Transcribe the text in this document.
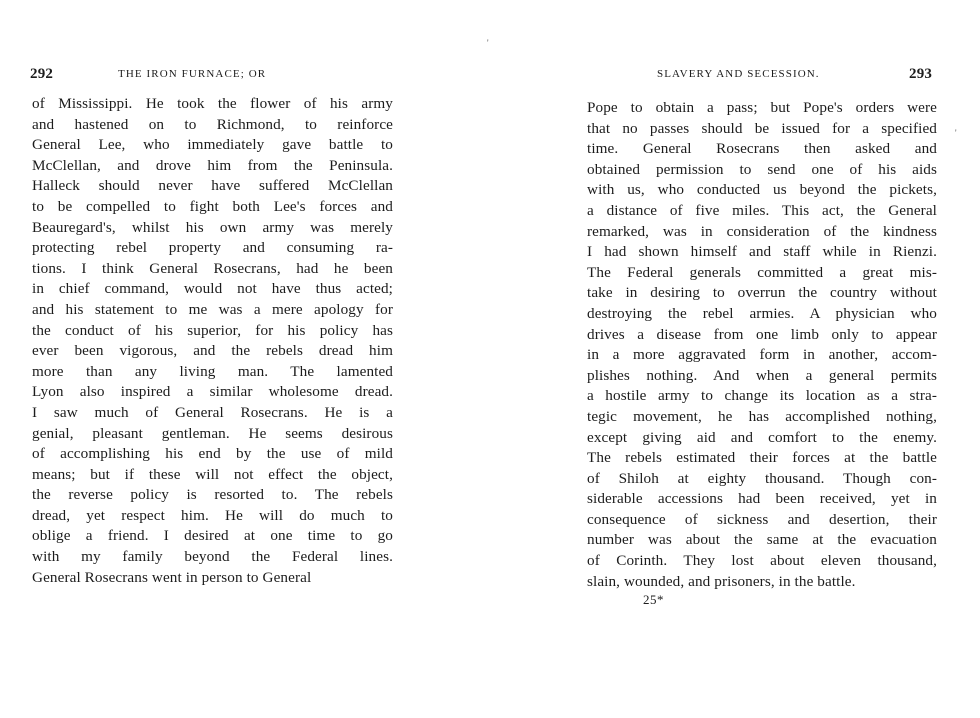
292	THE IRON FURNACE; OR
of Mississippi. He took the flower of his army
and hastened on to Richmond, to reinforce
General Lee, who immediately gave battle to
McClellan, and drove him from the Peninsula.
Halleck should never have suffered McClellan
to be compelled to fight both Lee's forces and
Beauregard's, whilst his own army was merely
protecting rebel property and consuming ra-
tions. I think General Rosecrans, had he been
in chief command, would not have thus acted;
and his statement to me was a mere apology for
the conduct of his superior, for his policy has
ever been vigorous, and the rebels dread him
more than any living man. The lamented
Lyon also inspired a similar wholesome dread.
I saw much of General Rosecrans. He is a
genial, pleasant gentleman. He seems desirous
of accomplishing his end by the use of mild
means; but if these will not effect the object,
the reverse policy is resorted to. The rebels
dread, yet respect him. He will do much to
oblige a friend. I desired at one time to go
with my family beyond the Federal lines.
General Rosecrans went in person to General
SLAVERY AND SECESSION.	293
Pope to obtain a pass; but Pope's orders were
that no passes should be issued for a specified
time. General Rosecrans then asked and
obtained permission to send one of his aids
with us, who conducted us beyond the pickets,
a distance of five miles. This act, the General
remarked, was in consideration of the kindness
I had shown himself and staff while in Rienzi.
The Federal generals committed a great mis-
take in desiring to overrun the country without
destroying the rebel armies. A physician who
drives a disease from one limb only to appear
in a more aggravated form in another, accom-
plishes nothing. And when a general permits
a hostile army to change its location as a stra-
tegic movement, he has accomplished nothing,
except giving aid and comfort to the enemy.
The rebels estimated their forces at the battle
of Shiloh at eighty thousand. Though con-
siderable accessions had been received, yet in
consequence of sickness and desertion, their
number was about the same at the evacuation
of Corinth. They lost about eleven thousand,
slain, wounded, and prisoners, in the battle.
25*
'
'
